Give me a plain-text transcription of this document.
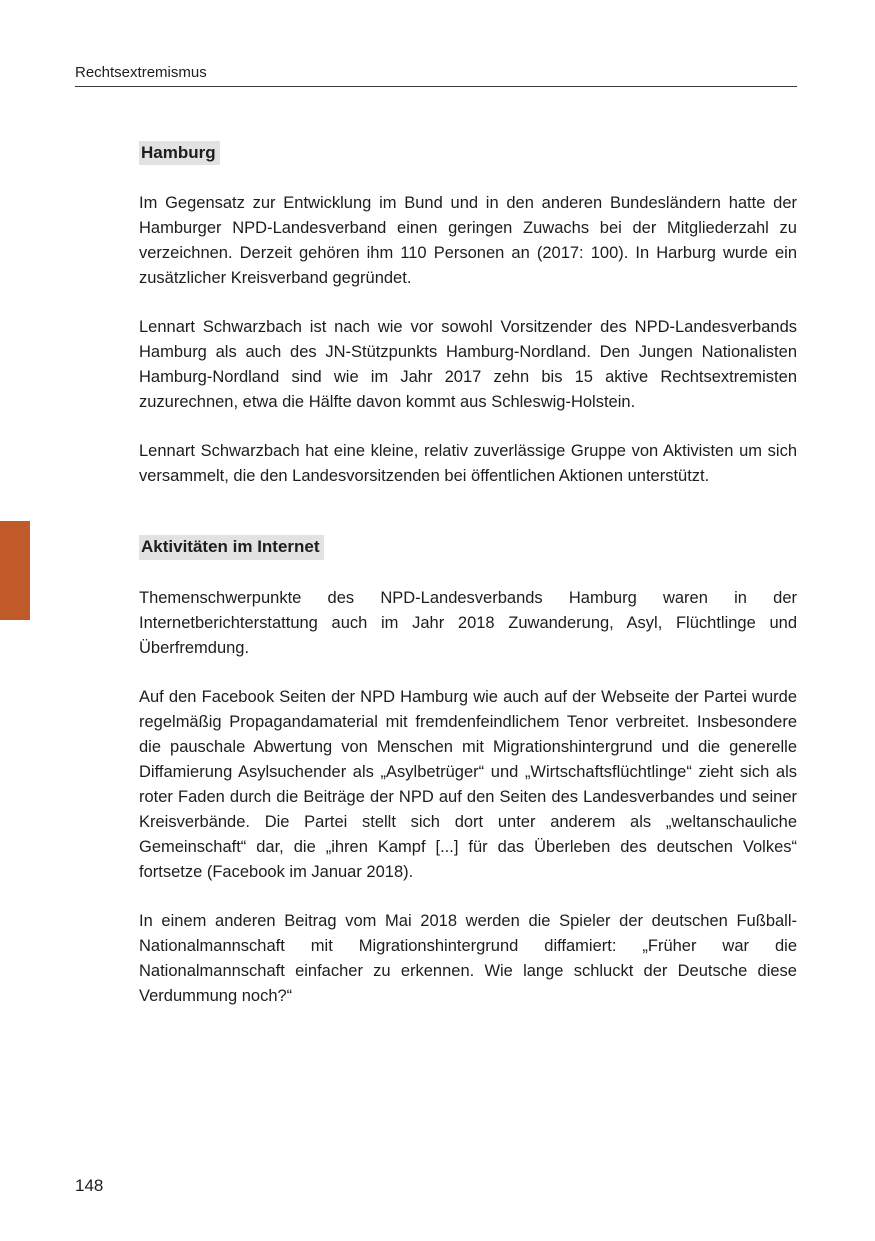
Rechtsextremismus
Hamburg

Im Gegensatz zur Entwicklung im Bund und in den anderen Bundesländern hatte der Hamburger NPD-Landesverband einen geringen Zuwachs bei der Mitgliederzahl zu verzeichnen. Derzeit gehören ihm 110 Personen an (2017: 100). In Harburg wurde ein zusätzlicher Kreisverband gegründet.

Lennart Schwarzbach ist nach wie vor sowohl Vorsitzender des NPD-Landesverbands Hamburg als auch des JN-Stützpunkts Hamburg-Nordland. Den Jungen Nationalisten Hamburg-Nordland sind wie im Jahr 2017 zehn bis 15 aktive Rechtsextremisten zuzurechnen, etwa die Hälfte davon kommt aus Schleswig-Holstein.

Lennart Schwarzbach hat eine kleine, relativ zuverlässige Gruppe von Aktivisten um sich versammelt, die den Landesvorsitzenden bei öffentlichen Aktionen unterstützt.

Aktivitäten im Internet

Themenschwerpunkte des NPD-Landesverbands Hamburg waren in der Internetberichterstattung auch im Jahr 2018 Zuwanderung, Asyl, Flüchtlinge und Überfremdung.

Auf den Facebook Seiten der NPD Hamburg wie auch auf der Webseite der Partei wurde regelmäßig Propagandamaterial mit fremdenfeindlichem Tenor verbreitet. Insbesondere die pauschale Abwertung von Menschen mit Migrationshintergrund und die generelle Diffamierung Asylsuchender als „Asylbetrüger“ und „Wirtschaftsflüchtlinge“ zieht sich als roter Faden durch die Beiträge der NPD auf den Seiten des Landesverbandes und seiner Kreisverbände. Die Partei stellt sich dort unter anderem als „weltanschauliche Gemeinschaft“ dar, die „ihren Kampf [...] für das Überleben des deutschen Volkes“ fortsetze (Facebook im Januar 2018).

In einem anderen Beitrag vom Mai 2018 werden die Spieler der deutschen Fußball-Nationalmannschaft mit Migrationshintergrund diffamiert: „Früher war die Nationalmannschaft einfacher zu erkennen. Wie lange schluckt der Deutsche diese Verdummung noch?“

148
